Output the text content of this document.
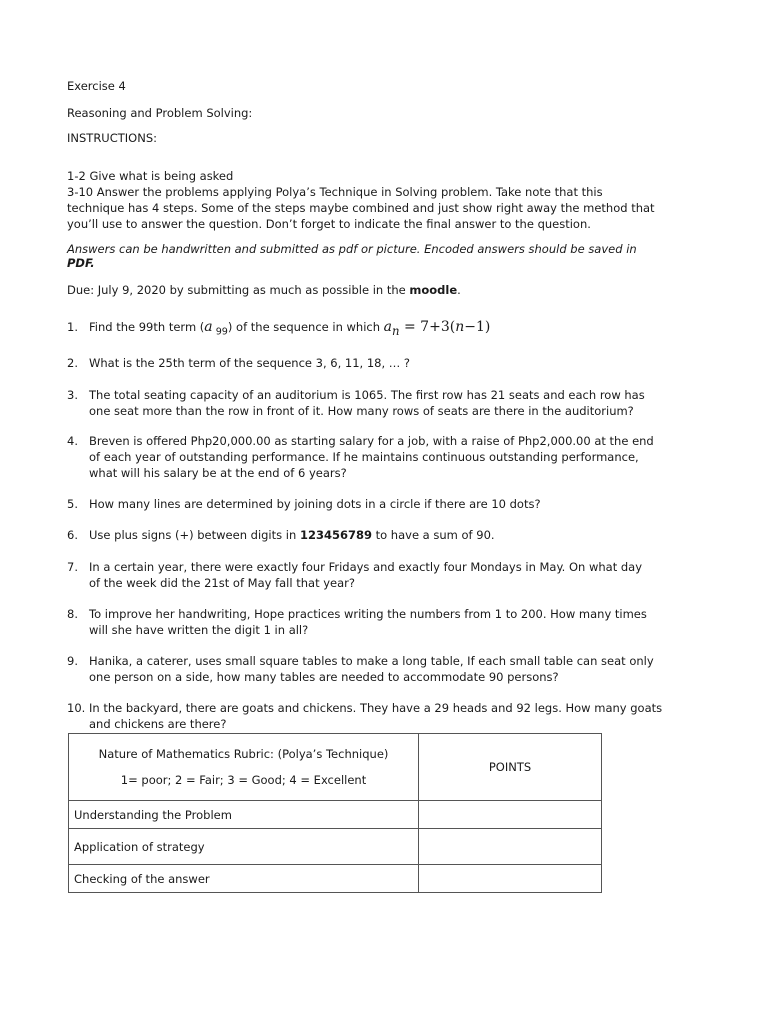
Exercise 4
Reasoning and Problem Solving:
INSTRUCTIONS:
1-2 Give what is being asked
3-10 Answer the problems applying Polya’s Technique in Solving problem. Take note that this
technique has 4 steps. Some of the steps maybe combined and just show right away the method that
you’ll use to answer the question. Don’t forget to indicate the final answer to the question.
Answers can be handwritten and submitted as pdf or picture. Encoded answers should be saved in
PDF.
Due: July 9, 2020 by submitting as much as possible in the moodle.
1. Find the 99th term (a $_{99}$) of the sequence in which $a_n = 7+3(n-1)$
2. What is the 25th term of the sequence 3, 6, 11, 18, … ?
3. The total seating capacity of an auditorium is 1065. The first row has 21 seats and each row has
one seat more than the row in front of it. How many rows of seats are there in the auditorium?
4. Breven is offered Php20,000.00 as starting salary for a job, with a raise of Php2,000.00 at the end
of each year of outstanding performance. If he maintains continuous outstanding performance,
what will his salary be at the end of 6 years?
5. How many lines are determined by joining dots in a circle if there are 10 dots?
6. Use plus signs (+) between digits in 123456789 to have a sum of 90.
7. In a certain year, there were exactly four Fridays and exactly four Mondays in May. On what day
of the week did the 21st of May fall that year?
8. To improve her handwriting, Hope practices writing the numbers from 1 to 200. How many times
will she have written the digit 1 in all?
9. Hanika, a caterer, uses small square tables to make a long table, If each small table can seat only
one person on a side, how many tables are needed to accommodate 90 persons?
10. In the backyard, there are goats and chickens. They have a 29 heads and 92 legs. How many goats
and chickens are there?
Nature of Mathematics Rubric: (Polya’s Technique)
1= poor; 2 = Fair; 3 = Good; 4 = Excellent	POINTS
Understanding the Problem	
Application of strategy	
Checking of the answer	
